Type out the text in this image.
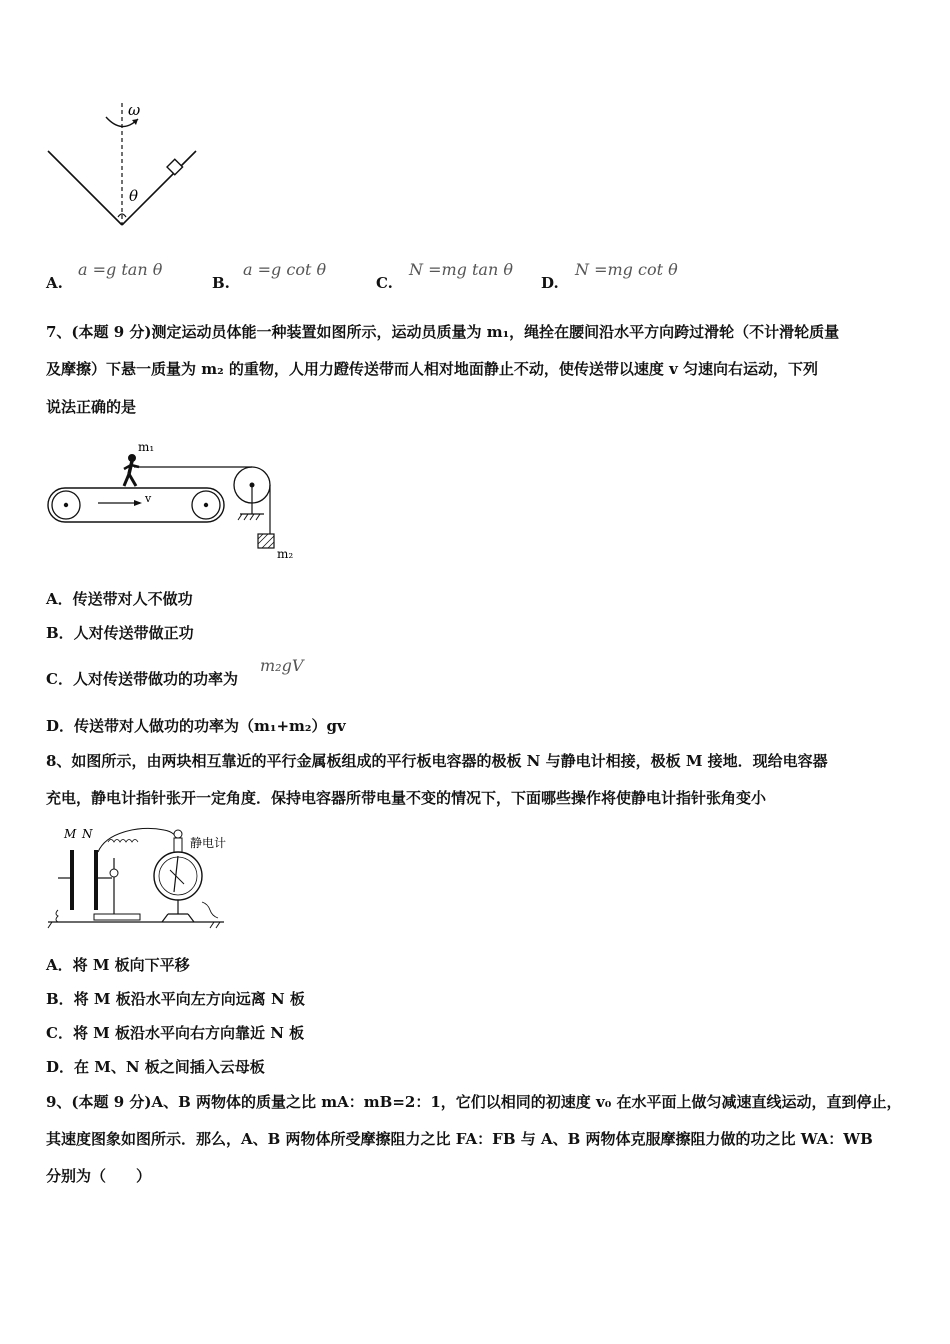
ω
θ
A.
a =g tan θ
B.
a =g cot θ
C.
N =mg tan θ
D.
N =mg cot θ
7、(本题 9 分)测定运动员体能一种装置如图所示，运动员质量为 m₁，绳拴在腰间沿水平方向跨过滑轮（不计滑轮质量
及摩擦）下悬一质量为 m₂ 的重物，人用力蹬传送带而人相对地面静止不动，使传送带以速度 v 匀速向右运动，下列
说法正确的是
v
m₁
m₂
A．传送带对人不做功
B．人对传送带做正功
C．人对传送带做功的功率为
m₂gV
D．传送带对人做功的功率为（m₁+m₂）gv
8、如图所示，由两块相互靠近的平行金属板组成的平行板电容器的极板 N 与静电计相接，极板 M 接地．现给电容器
充电，静电计指针张开一定角度．保持电容器所带电量不变的情况下，下面哪些操作将使静电计指针张角变小
M N
静电计
A．将 M 板向下平移
B．将 M 板沿水平向左方向远离 N 板
C．将 M 板沿水平向右方向靠近 N 板
D．在 M、N 板之间插入云母板
9、(本题 9 分)A、B 两物体的质量之比 mA：mB=2：1，它们以相同的初速度 v₀ 在水平面上做匀减速直线运动，直到停止，
其速度图象如图所示．那么，A、B 两物体所受摩擦阻力之比 FA：FB 与 A、B 两物体克服摩擦阻力做的功之比 WA：WB
分别为（　　）
